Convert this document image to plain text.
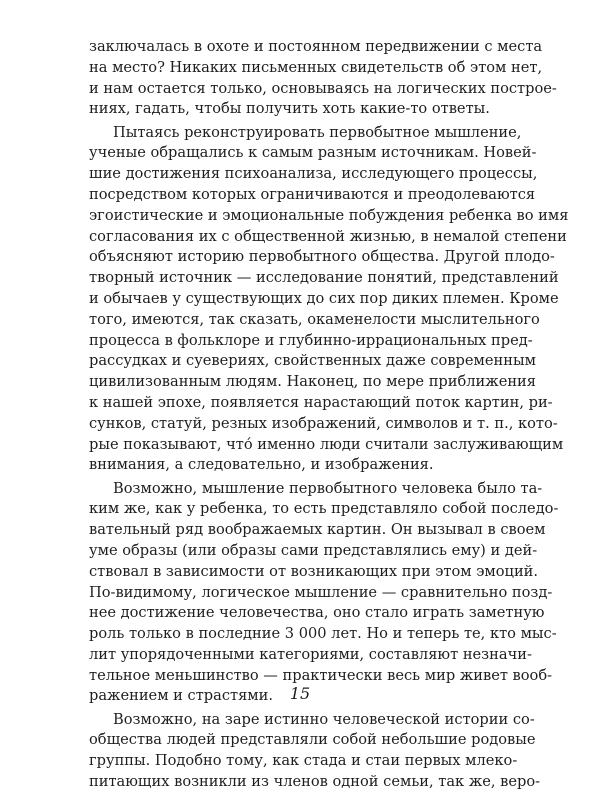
заключалась в охоте и постоянном передвижении с места
на место? Никаких письменных свидетельств об этом нет,
и нам остается только, основываясь на логических построе-
ниях, гадать, чтобы получить хоть какие-то ответы.
Пытаясь реконструировать первобытное мышление,
ученые обращались к самым разным источникам. Новей-
шие достижения психоанализа, исследующего процессы,
посредством которых ограничиваются и преодолеваются
эгоистические и эмоциональные побуждения ребенка во имя
согласования их с общественной жизнью, в немалой степени
объясняют историю первобытного общества. Другой плодо-
творный источник — исследование понятий, представлений
и обычаев у существующих до сих пор диких племен. Кроме
того, имеются, так сказать, окаменелости мыслительного
процесса в фольклоре и глубинно-иррациональных пред-
рассудках и суевериях, свойственных даже современным
цивилизованным людям. Наконец, по мере приближения
к нашей эпохе, появляется нарастающий поток картин, ри-
сунков, статуй, резных изображений, символов и т. п., кото-
рые показывают, что́ именно люди считали заслуживающим
внимания, а следовательно, и изображения.
Возможно, мышление первобытного человека было та-
ким же, как у ребенка, то есть представляло собой последо-
вательный ряд воображаемых картин. Он вызывал в своем
уме образы (или образы сами представлялись ему) и дей-
ствовал в зависимости от возникающих при этом эмоций.
По-видимому, логическое мышление — сравнительно позд-
нее достижение человечества, оно стало играть заметную
роль только в последние 3 000 лет. Но и теперь те, кто мыс-
лит упорядоченными категориями, составляют незначи-
тельное меньшинство — практически весь мир живет вооб-
ражением и страстями.
Возможно, на заре истинно человеческой истории со-
общества людей представляли собой небольшие родовые
группы. Подобно тому, как стада и стаи первых млеко-
питающих возникли из членов одной семьи, так же, веро-
15
